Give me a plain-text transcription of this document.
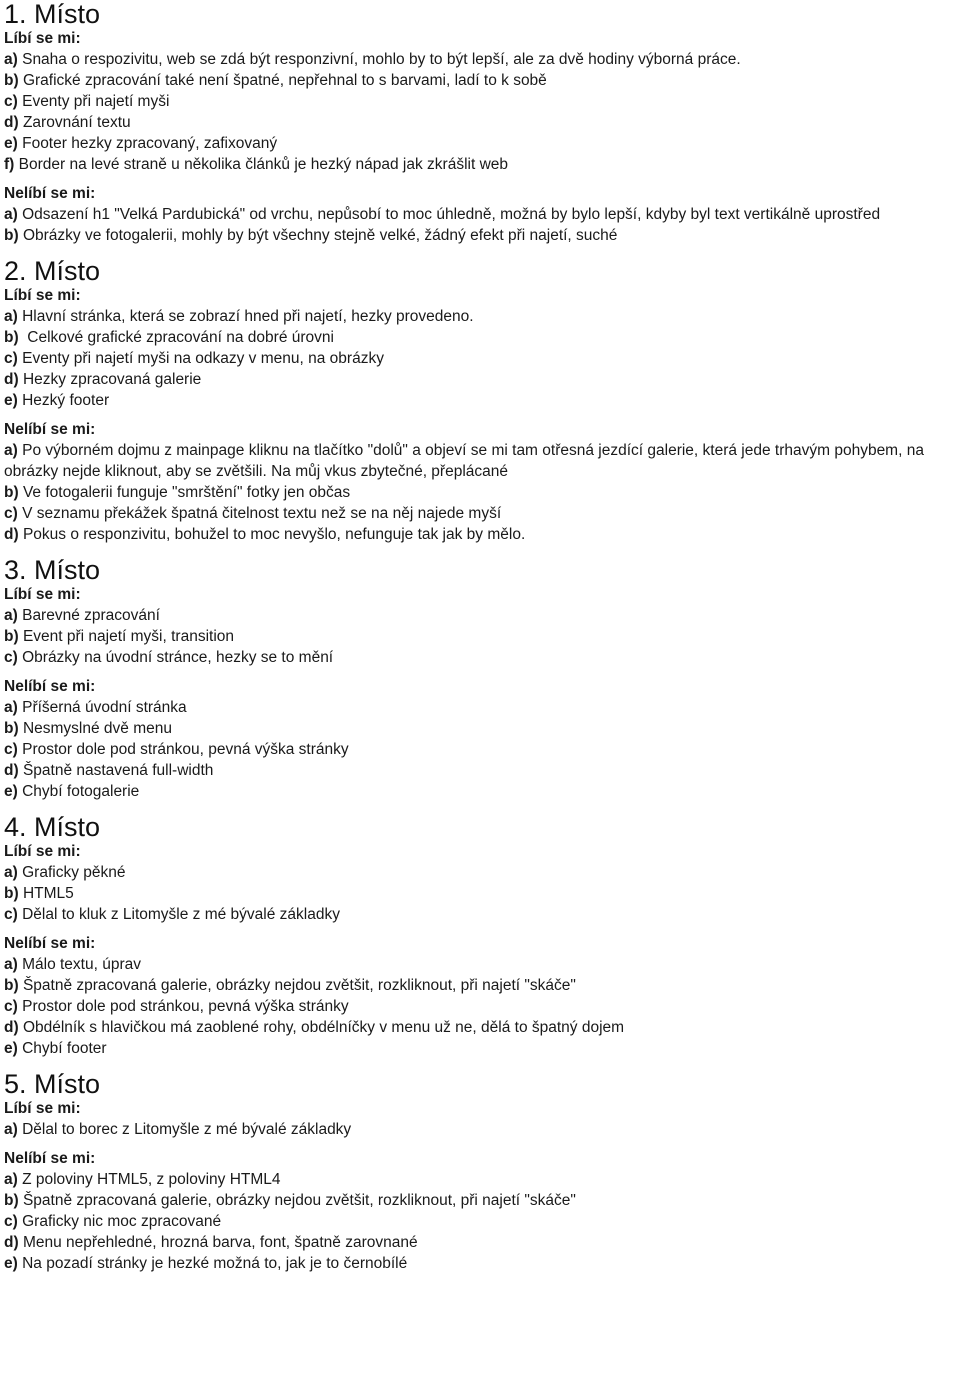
1. Místo
Líbí se mi:
a) Snaha o respozivitu, web se zdá být responzivní, mohlo by to být lepší, ale za dvě hodiny výborná práce.
b) Grafické zpracování také není špatné, nepřehnal to s barvami, ladí to k sobě
c) Eventy při najetí myši
d) Zarovnání textu
e) Footer hezky zpracovaný, zafixovaný
f) Border na levé straně u několika článků je hezký nápad jak zkrášlit web
Nelíbí se mi:
a) Odsazení h1 "Velká Pardubická" od vrchu, nepůsobí to moc úhledně, možná by bylo lepší, kdyby byl text vertikálně uprostřed
b) Obrázky ve fotogalerii, mohly by být všechny stejně velké, žádný efekt při najetí, suché
2. Místo
Líbí se mi:
a) Hlavní stránka, která se zobrazí hned při najetí, hezky provedeno.
b)  Celkové grafické zpracování na dobré úrovni
c) Eventy při najetí myši na odkazy v menu, na obrázky
d) Hezky zpracovaná galerie
e) Hezký footer
Nelíbí se mi:
a) Po výborném dojmu z mainpage kliknu na tlačítko "dolů" a objeví se mi tam otřesná jezdící galerie, která jede trhavým pohybem, na obrázky nejde kliknout, aby se zvětšili. Na můj vkus zbytečné, přeplácané
b) Ve fotogalerii funguje "smrštění" fotky jen občas
c) V seznamu překážek špatná čitelnost textu než se na něj najede myší
d) Pokus o responzivitu, bohužel to moc nevyšlo, nefunguje tak jak by mělo.
3. Místo
Líbí se mi:
a) Barevné zpracování
b) Event při najetí myši, transition
c) Obrázky na úvodní stránce, hezky se to mění
Nelíbí se mi:
a) Příšerná úvodní stránka
b) Nesmyslné dvě menu
c) Prostor dole pod stránkou, pevná výška stránky
d) Špatně nastavená full-width
e) Chybí fotogalerie
4. Místo
Líbí se mi:
a) Graficky pěkné
b) HTML5
c) Dělal to kluk z Litomyšle z mé bývalé základky
Nelíbí se mi:
a) Málo textu, úprav
b) Špatně zpracovaná galerie, obrázky nejdou zvětšit, rozkliknout, při najetí "skáče"
c) Prostor dole pod stránkou, pevná výška stránky
d) Obdélník s hlavičkou má zaoblené rohy, obdélníčky v menu už ne, dělá to špatný dojem
e) Chybí footer
5. Místo
Líbí se mi:
a) Dělal to borec z Litomyšle z mé bývalé základky
Nelíbí se mi:
a) Z poloviny HTML5, z poloviny HTML4
b) Špatně zpracovaná galerie, obrázky nejdou zvětšit, rozkliknout, při najetí "skáče"
c) Graficky nic moc zpracované
d) Menu nepřehledné, hrozná barva, font, špatně zarovnané
e) Na pozadí stránky je hezké možná to, jak je to černobílé
